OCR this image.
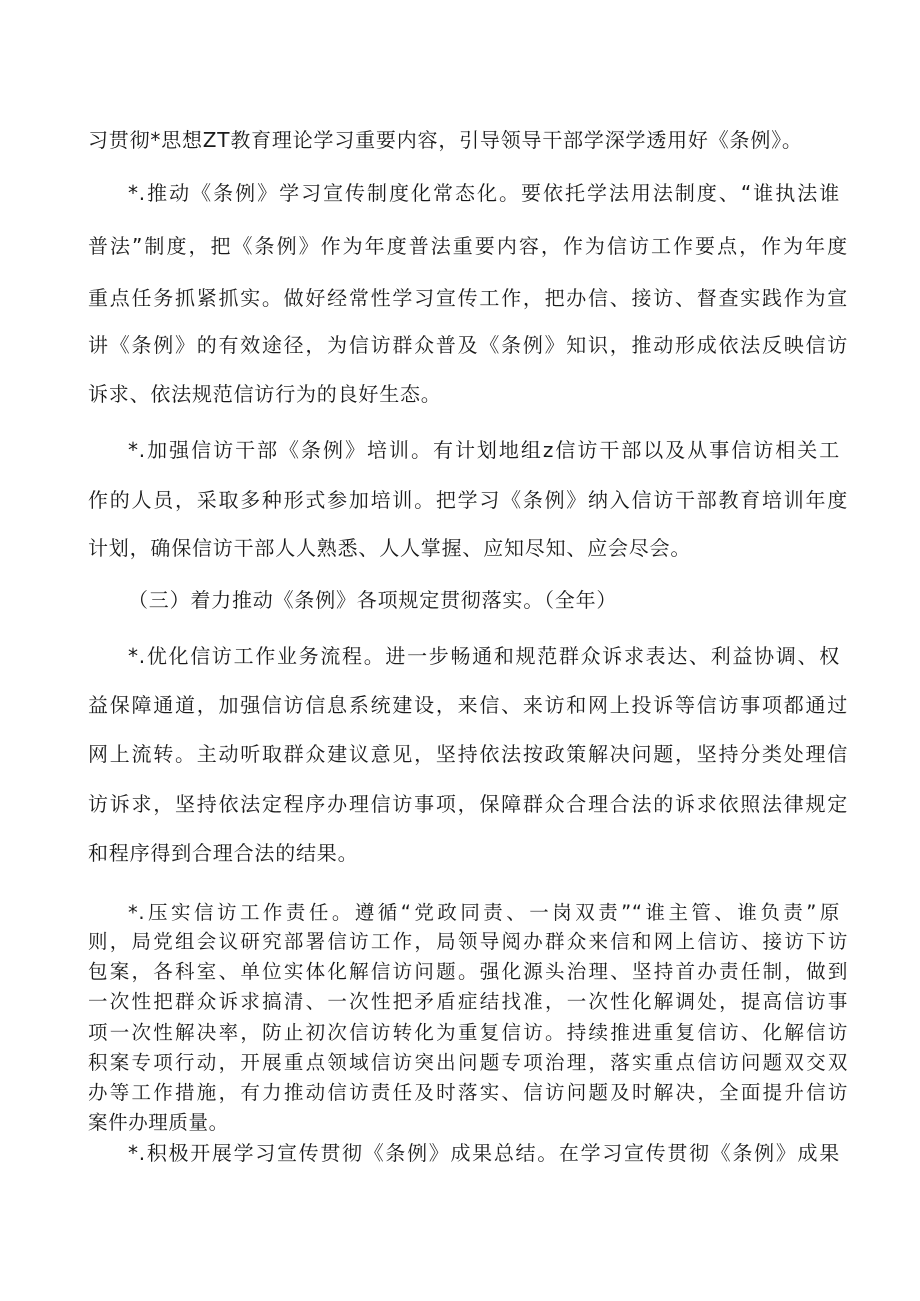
习贯彻*思想ZT教育理论学习重要内容，引导领导干部学深学透用好《条例》。
*.推动《条例》学习宣传制度化常态化。要依托学法用法制度、“谁执法谁
普法”制度，把《条例》作为年度普法重要内容，作为信访工作要点，作为年度
重点任务抓紧抓实。做好经常性学习宣传工作，把办信、接访、督查实践作为宣
讲《条例》的有效途径，为信访群众普及《条例》知识，推动形成依法反映信访
诉求、依法规范信访行为的良好生态。
*.加强信访干部《条例》培训。有计划地组z信访干部以及从事信访相关工
作的人员，采取多种形式参加培训。把学习《条例》纳入信访干部教育培训年度
计划，确保信访干部人人熟悉、人人掌握、应知尽知、应会尽会。
（三）着力推动《条例》各项规定贯彻落实。（全年）
*.优化信访工作业务流程。进一步畅通和规范群众诉求表达、利益协调、权
益保障通道，加强信访信息系统建设，来信、来访和网上投诉等信访事项都通过
网上流转。主动听取群众建议意见，坚持依法按政策解决问题，坚持分类处理信
访诉求，坚持依法定程序办理信访事项，保障群众合理合法的诉求依照法律规定
和程序得到合理合法的结果。
*.压实信访工作责任。遵循“党政同责、一岗双责”“谁主管、谁负责”原
则，局党组会议研究部署信访工作，局领导阅办群众来信和网上信访、接访下访
包案，各科室、单位实体化解信访问题。强化源头治理、坚持首办责任制，做到
一次性把群众诉求搞清、一次性把矛盾症结找准，一次性化解调处，提高信访事
项一次性解决率，防止初次信访转化为重复信访。持续推进重复信访、化解信访
积案专项行动，开展重点领域信访突出问题专项治理，落实重点信访问题双交双
办等工作措施，有力推动信访责任及时落实、信访问题及时解决，全面提升信访
案件办理质量。
*.积极开展学习宣传贯彻《条例》成果总结。在学习宣传贯彻《条例》成果
